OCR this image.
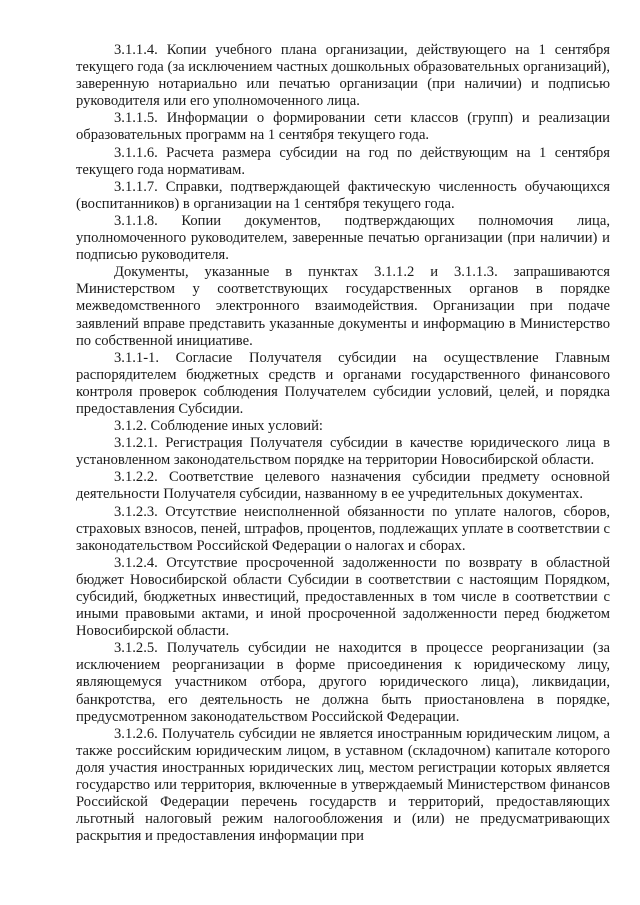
3.1.1.4. Копии учебного плана организации, действующего на 1 сентября текущего года (за исключением частных дошкольных образовательных организаций), заверенную нотариально или печатью организации (при наличии) и подписью руководителя или его уполномоченного лица.

3.1.1.5. Информации о формировании сети классов (групп) и реализации образовательных программ на 1 сентября текущего года.

3.1.1.6. Расчета размера субсидии на год по действующим на 1 сентября текущего года нормативам.

3.1.1.7. Справки, подтверждающей фактическую численность обучающихся (воспитанников) в организации на 1 сентября текущего года.

3.1.1.8. Копии документов, подтверждающих полномочия лица, уполномоченного руководителем, заверенные печатью организации (при наличии) и подписью руководителя.

Документы, указанные в пунктах 3.1.1.2 и 3.1.1.3. запрашиваются Министерством у соответствующих государственных органов в порядке межведомственного электронного взаимодействия. Организации при подаче заявлений вправе представить указанные документы и информацию в Министерство по собственной инициативе.

3.1.1-1. Согласие Получателя субсидии на осуществление Главным распорядителем бюджетных средств и органами государственного финансового контроля проверок соблюдения Получателем субсидии условий, целей, и порядка предоставления Субсидии.

3.1.2. Соблюдение иных условий:

3.1.2.1. Регистрация Получателя субсидии в качестве юридического лица в установленном законодательством порядке на территории Новосибирской области.

3.1.2.2. Соответствие целевого назначения субсидии предмету основной деятельности Получателя субсидии, названному в ее учредительных документах.

3.1.2.3. Отсутствие неисполненной обязанности по уплате налогов, сборов, страховых взносов, пеней, штрафов, процентов, подлежащих уплате в соответствии с законодательством Российской Федерации о налогах и сборах.

3.1.2.4. Отсутствие просроченной задолженности по возврату в областной бюджет Новосибирской области Субсидии в соответствии с настоящим Порядком, субсидий, бюджетных инвестиций, предоставленных в том числе в соответствии с иными правовыми актами, и иной просроченной задолженности перед бюджетом Новосибирской области.

3.1.2.5. Получатель субсидии не находится в процессе реорганизации (за исключением реорганизации в форме присоединения к юридическому лицу, являющемуся участником отбора, другого юридического лица), ликвидации, банкротства, его деятельность не должна быть приостановлена в порядке, предусмотренном законодательством Российской Федерации.

3.1.2.6. Получатель субсидии не является иностранным юридическим лицом, а также российским юридическим лицом, в уставном (складочном) капитале которого доля участия иностранных юридических лиц, местом регистрации которых является государство или территория, включенные в утверждаемый Министерством финансов Российской Федерации перечень государств и территорий, предоставляющих льготный налоговый режим налогообложения и (или) не предусматривающих раскрытия и предоставления информации при
